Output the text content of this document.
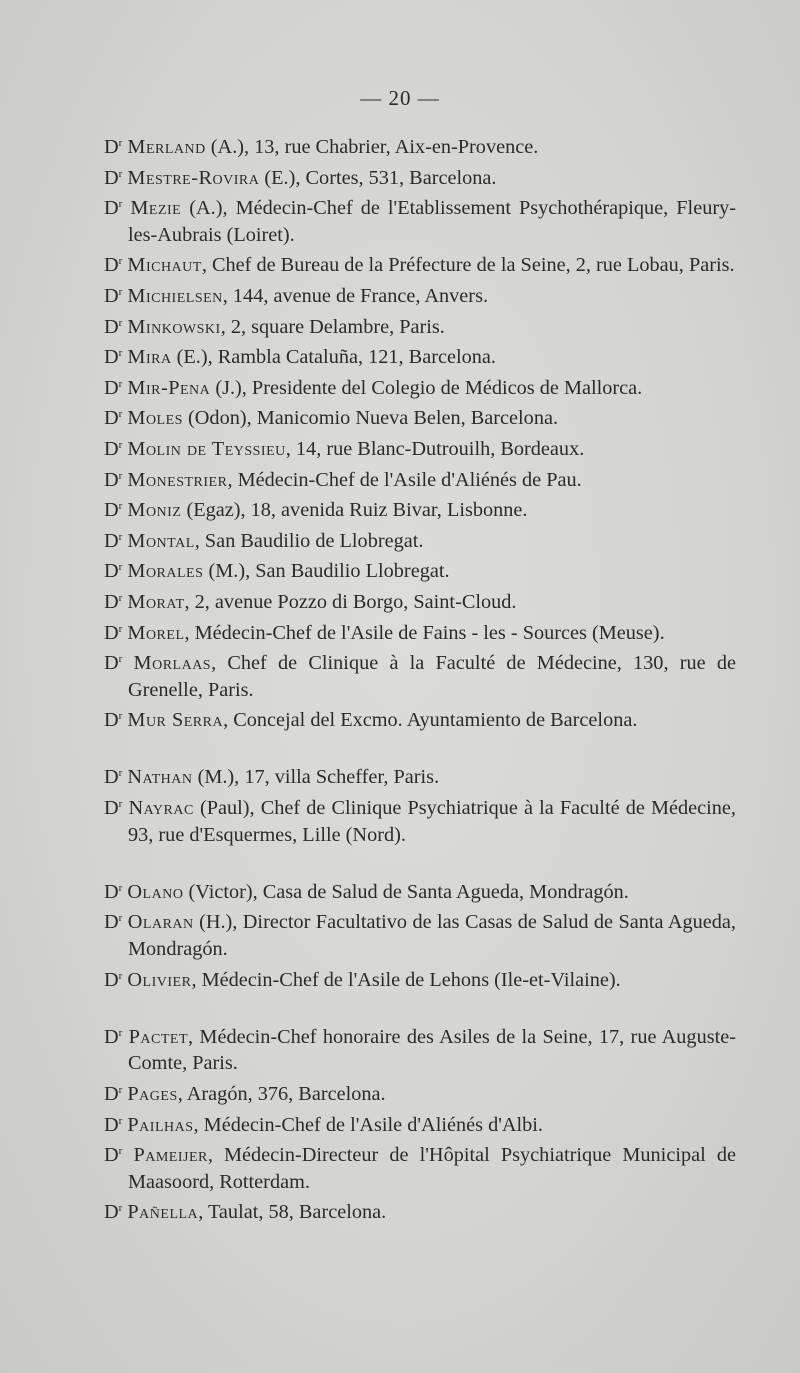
— 20 —
$D^r$ Merland (A.), 13, rue Chabrier, Aix-en-Provence.
$D^r$ Mestre-Rovira (E.), Cortes, 531, Barcelona.
$D^r$ Mezie (A.), Médecin-Chef de l'Etablissement Psychothérapique, Fleury-les-Aubrais (Loiret).
$D^r$ Michaut, Chef de Bureau de la Préfecture de la Seine, 2, rue Lobau, Paris.
$D^r$ Michielsen, 144, avenue de France, Anvers.
$D^r$ Minkowski, 2, square Delambre, Paris.
$D^r$ Mira (E.), Rambla Cataluña, 121, Barcelona.
$D^r$ Mir-Pena (J.), Presidente del Colegio de Médicos de Mallorca.
$D^r$ Moles (Odon), Manicomio Nueva Belen, Barcelona.
$D^r$ Molin de Teyssieu, 14, rue Blanc-Dutrouilh, Bordeaux.
$D^r$ Monestrier, Médecin-Chef de l'Asile d'Aliénés de Pau.
$D^r$ Moniz (Egaz), 18, avenida Ruiz Bivar, Lisbonne.
$D^r$ Montal, San Baudilio de Llobregat.
$D^r$ Morales (M.), San Baudilio Llobregat.
$D^r$ Morat, 2, avenue Pozzo di Borgo, Saint-Cloud.
$D^r$ Morel, Médecin-Chef de l'Asile de Fains - les - Sources (Meuse).
$D^r$ Morlaas, Chef de Clinique à la Faculté de Médecine, 130, rue de Grenelle, Paris.
$D^r$ Mur Serra, Concejal del Excmo. Ayuntamiento de Barcelona.
$D^r$ Nathan (M.), 17, villa Scheffer, Paris.
$D^r$ Nayrac (Paul), Chef de Clinique Psychiatrique à la Faculté de Médecine, 93, rue d'Esquermes, Lille (Nord).
$D^r$ Olano (Victor), Casa de Salud de Santa Agueda, Mondragón.
$D^r$ Olaran (H.), Director Facultativo de las Casas de Salud de Santa Agueda, Mondragón.
$D^r$ Olivier, Médecin-Chef de l'Asile de Lehons (Ile-et-Vilaine).
$D^r$ Pactet, Médecin-Chef honoraire des Asiles de la Seine, 17, rue Auguste-Comte, Paris.
$D^r$ Pages, Aragón, 376, Barcelona.
$D^r$ Pailhas, Médecin-Chef de l'Asile d'Aliénés d'Albi.
$D^r$ Pameijer, Médecin-Directeur de l'Hôpital Psychiatrique Municipal de Maasoord, Rotterdam.
$D^r$ Pañella, Taulat, 58, Barcelona.
